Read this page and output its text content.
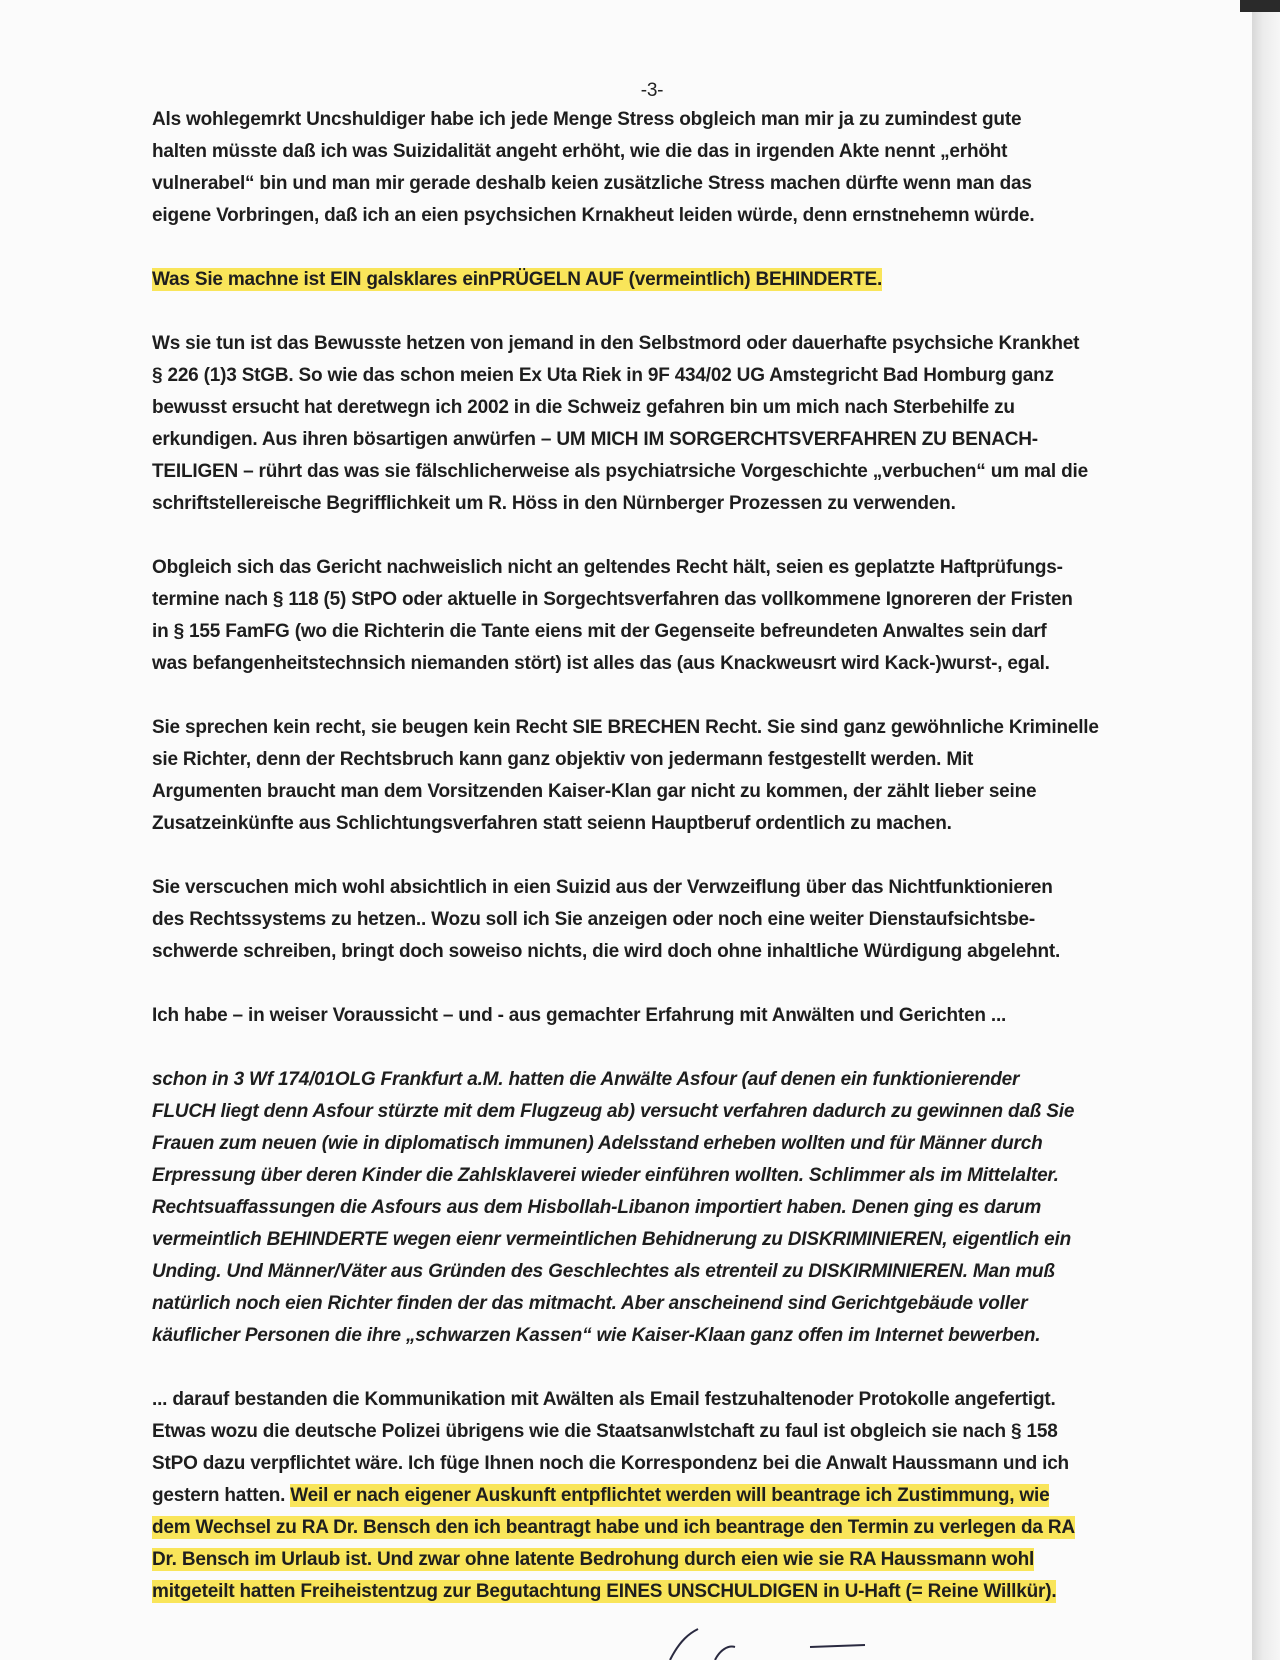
-3-

Als wohlegemrkt Uncshuldiger habe ich jede Menge Stress obgleich man mir ja zu zumindest gute
halten müsste daß ich was Suizidalität angeht erhöht, wie die das in irgenden Akte nennt „erhöht
vulnerabel“ bin und man mir gerade deshalb keien zusätzliche Stress machen dürfte wenn man das
eigene Vorbringen, daß ich an eien psychsichen Krnakheut leiden würde, denn ernstnehemn würde.

Was Sie machne ist EIN galsklares einPRÜGELN AUF (vermeintlich) BEHINDERTE.

Ws sie tun ist das Bewusste hetzen von jemand in den Selbstmord oder dauerhafte psychsiche Krankhet
§ 226 (1)3 StGB. So wie das schon meien Ex Uta Riek in 9F 434/02 UG Amstegricht Bad Homburg ganz
bewusst ersucht hat deretwegn ich 2002 in die Schweiz gefahren bin um mich nach Sterbehilfe zu
erkundigen. Aus ihren bösartigen anwürfen – UM MICH IM SORGERCHTSVERFAHREN ZU BENACH-
TEILIGEN – rührt das was sie fälschlicherweise als psychiatrsiche Vorgeschichte „verbuchen“ um mal die
schriftstellereische Begrifflichkeit um R. Höss in den Nürnberger Prozessen zu verwenden.

Obgleich sich das Gericht nachweislich nicht an geltendes Recht hält, seien es geplatzte Haftprüfungs-
termine nach § 118 (5) StPO oder aktuelle in Sorgechtsverfahren das vollkommene Ignoreren der Fristen
in § 155 FamFG (wo die Richterin die Tante eiens mit der Gegenseite befreundeten Anwaltes sein darf
was befangenheitstechnsich niemanden stört) ist alles das (aus Knackweusrt wird Kack-)wurst-, egal.

Sie sprechen kein recht, sie beugen kein Recht SIE BRECHEN Recht. Sie sind ganz gewöhnliche Kriminelle
sie Richter, denn der Rechtsbruch kann ganz objektiv von jedermann festgestellt werden. Mit
Argumenten braucht man dem Vorsitzenden Kaiser-Klan gar nicht zu kommen, der zählt lieber seine
Zusatzeinkünfte aus Schlichtungsverfahren statt seienn Hauptberuf ordentlich zu machen.

Sie verscuchen mich wohl absichtlich in eien Suizid aus der Verwzeiflung über das Nichtfunktionieren
des Rechtssystems zu hetzen.. Wozu soll ich Sie anzeigen oder noch eine weiter Dienstaufsichtsbe-
schwerde schreiben, bringt doch soweiso nichts, die wird doch ohne inhaltliche Würdigung abgelehnt.

Ich habe – in weiser Voraussicht – und - aus gemachter Erfahrung mit Anwälten und Gerichten ...

schon in 3 Wf 174/01OLG Frankfurt a.M. hatten die Anwälte Asfour (auf denen ein funktionierender
FLUCH liegt denn Asfour stürzte mit dem Flugzeug ab) versucht verfahren dadurch zu gewinnen daß Sie
Frauen zum neuen (wie in diplomatisch immunen) Adelsstand erheben wollten und für Männer durch
Erpressung über deren Kinder die Zahlsklaverei wieder einführen wollten. Schlimmer als im Mittelalter.
Rechtsuaffassungen die Asfours aus dem Hisbollah-Libanon importiert haben. Denen ging es darum
vermeintlich BEHINDERTE wegen eienr vermeintlichen Behidnerung zu DISKRIMINIEREN, eigentlich ein
Unding. Und Männer/Väter aus Gründen des Geschlechtes als etrenteil zu DISKIRMINIEREN. Man muß
natürlich noch eien Richter finden der das mitmacht. Aber anscheinend sind Gerichtgebäude voller
käuflicher Personen die ihre „schwarzen Kassen“ wie Kaiser-Klaan ganz offen im Internet bewerben.

... darauf bestanden die Kommunikation mit Awälten als Email festzuhaltenoder Protokolle angefertigt.
Etwas wozu die deutsche Polizei übrigens wie die Staatsanwlstchaft zu faul ist obgleich sie nach § 158
StPO dazu verpflichtet wäre. Ich füge Ihnen noch die Korrespondenz bei die Anwalt Haussmann und ich
gestern hatten. Weil er nach eigener Auskunft entpflichtet werden will beantrage ich Zustimmung, wie
dem Wechsel zu RA Dr. Bensch den ich beantragt habe und ich beantrage den Termin zu verlegen da RA
Dr. Bensch im Urlaub ist. Und zwar ohne latente Bedrohung durch eien wie sie RA Haussmann wohl
mitgeteilt hatten Freiheistentzug zur Begutachtung EINES UNSCHULDIGEN in U-Haft (= Reine Willkür).
